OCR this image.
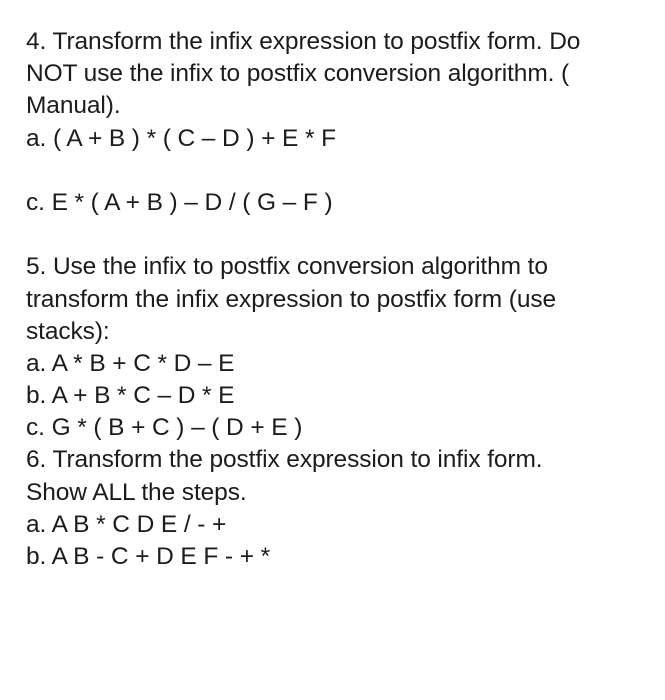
4. Transform the infix expression to postfix form. Do
NOT use the infix to postfix conversion algorithm. (
Manual).
a. ( A + B ) * ( C – D ) + E * F
c. E * ( A + B ) – D / ( G – F )
5. Use the infix to postfix conversion algorithm to
transform the infix expression to postfix form (use
stacks):
a. A * B + C * D – E
b. A + B * C – D * E
c. G * ( B + C ) – ( D + E )
6. Transform the postfix expression to infix form.
Show ALL the steps.
a. A B * C D E / - +
b. A B - C + D E F - + *
